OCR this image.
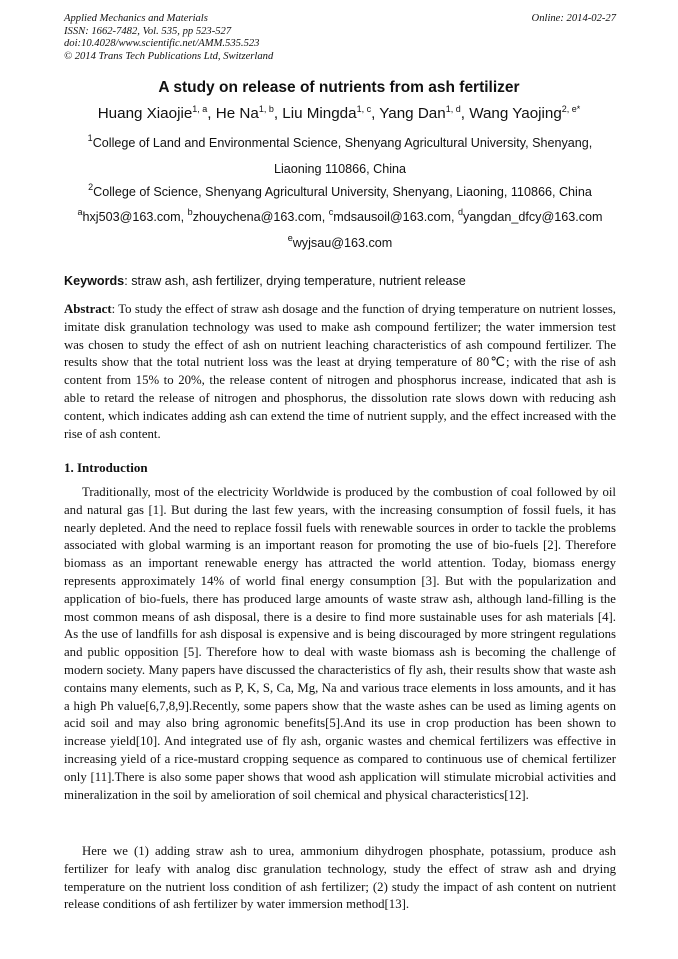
Applied Mechanics and Materials
ISSN: 1662-7482, Vol. 535, pp 523-527
doi:10.4028/www.scientific.net/AMM.535.523
© 2014 Trans Tech Publications Ltd, Switzerland
Online: 2014-02-27
A study on release of nutrients from ash fertilizer
Huang Xiaojie$^{1, a}$, He Na$^{1, b}$, Liu Mingda$^{1, c}$, Yang Dan$^{1, d}$, Wang Yaojing$^{2, e*}$
$^1$College of Land and Environmental Science, Shenyang Agricultural University, Shenyang,
Liaoning 110866, China
$^2$College of Science, Shenyang Agricultural University, Shenyang, Liaoning, 110866, China
$^a$hxj503@163.com, $^b$zhouychena@163.com, $^c$mdsausoil@163.com, $^d$yangdan_dfcy@163.com
$^e$wyjsau@163.com
Keywords: straw ash, ash fertilizer, drying temperature, nutrient release
Abstract: To study the effect of straw ash dosage and the function of drying temperature on nutrient losses, imitate disk granulation technology was used to make ash compound fertilizer; the water immersion test was chosen to study the effect of ash on nutrient leaching characteristics of ash compound fertilizer. The results show that the total nutrient loss was the least at drying temperature of 80℃; with the rise of ash content from 15% to 20%, the release content of nitrogen and phosphorus increase, indicated that ash is able to retard the release of nitrogen and phosphorus, the dissolution rate slows down with reducing ash content, which indicates adding ash can extend the time of nutrient supply, and the effect increased with the rise of ash content.
1. Introduction
Traditionally, most of the electricity Worldwide is produced by the combustion of coal followed by oil and natural gas [1]. But during the last few years, with the increasing consumption of fossil fuels, it has nearly depleted. And the need to replace fossil fuels with renewable sources in order to tackle the problems associated with global warming is an important reason for promoting the use of bio-fuels [2]. Therefore biomass as an important renewable energy has attracted the world attention. Today, biomass energy represents approximately 14% of world final energy consumption [3]. But with the popularization and application of bio-fuels, there has produced large amounts of waste straw ash, although land-filling is the most common means of ash disposal, there is a desire to find more sustainable uses for ash materials [4]. As the use of landfills for ash disposal is expensive and is being discouraged by more stringent regulations and public opposition [5]. Therefore how to deal with waste biomass ash is becoming the challenge of modern society. Many papers have discussed the characteristics of fly ash, their results show that waste ash contains many elements, such as P, K, S, Ca, Mg, Na and various trace elements in loss amounts, and it has a high Ph value[6,7,8,9].Recently, some papers show that the waste ashes can be used as liming agents on acid soil and may also bring agronomic benefits[5].And its use in crop production has been shown to increase yield[10]. And integrated use of fly ash, organic wastes and chemical fertilizers was effective in increasing yield of a rice-mustard cropping sequence as compared to continuous use of chemical fertilizer only [11].There is also some paper shows that wood ash application will stimulate microbial activities and mineralization in the soil by amelioration of soil chemical and physical characteristics[12].
Here we (1) adding straw ash to urea, ammonium dihydrogen phosphate, potassium, produce ash fertilizer for leafy with analog disc granulation technology, study the effect of straw ash and drying temperature on the nutrient loss condition of ash fertilizer; (2) study the impact of ash content on nutrient release conditions of ash fertilizer by water immersion method[13].
